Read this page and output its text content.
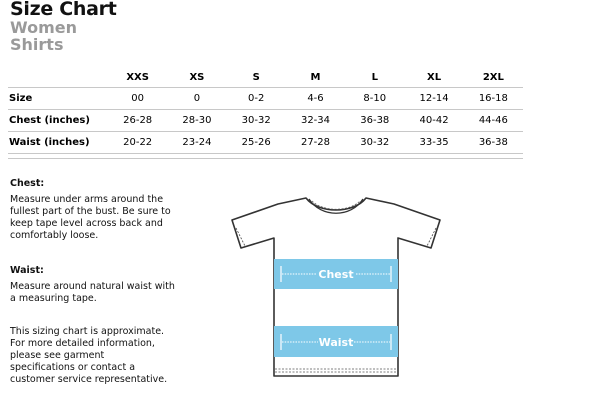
Size Chart
Women
Shirts
	XXS	XS	S	M	L	XL	2XL
Size	00	0	0-2	4-6	8-10	12-14	16-18
Chest (inches)	26-28	28-30	30-32	32-34	36-38	40-42	44-46
Waist (inches)	20-22	23-24	25-26	27-28	30-32	33-35	36-38

Chest:
Measure under arms around the fullest part of the bust. Be sure to keep tape level across back and comfortably loose.
Waist:
Measure around natural waist with a measuring tape.
This sizing chart is approximate. For more detailed information, please see garment specifications or contact a customer service representative.
Chest
Waist
